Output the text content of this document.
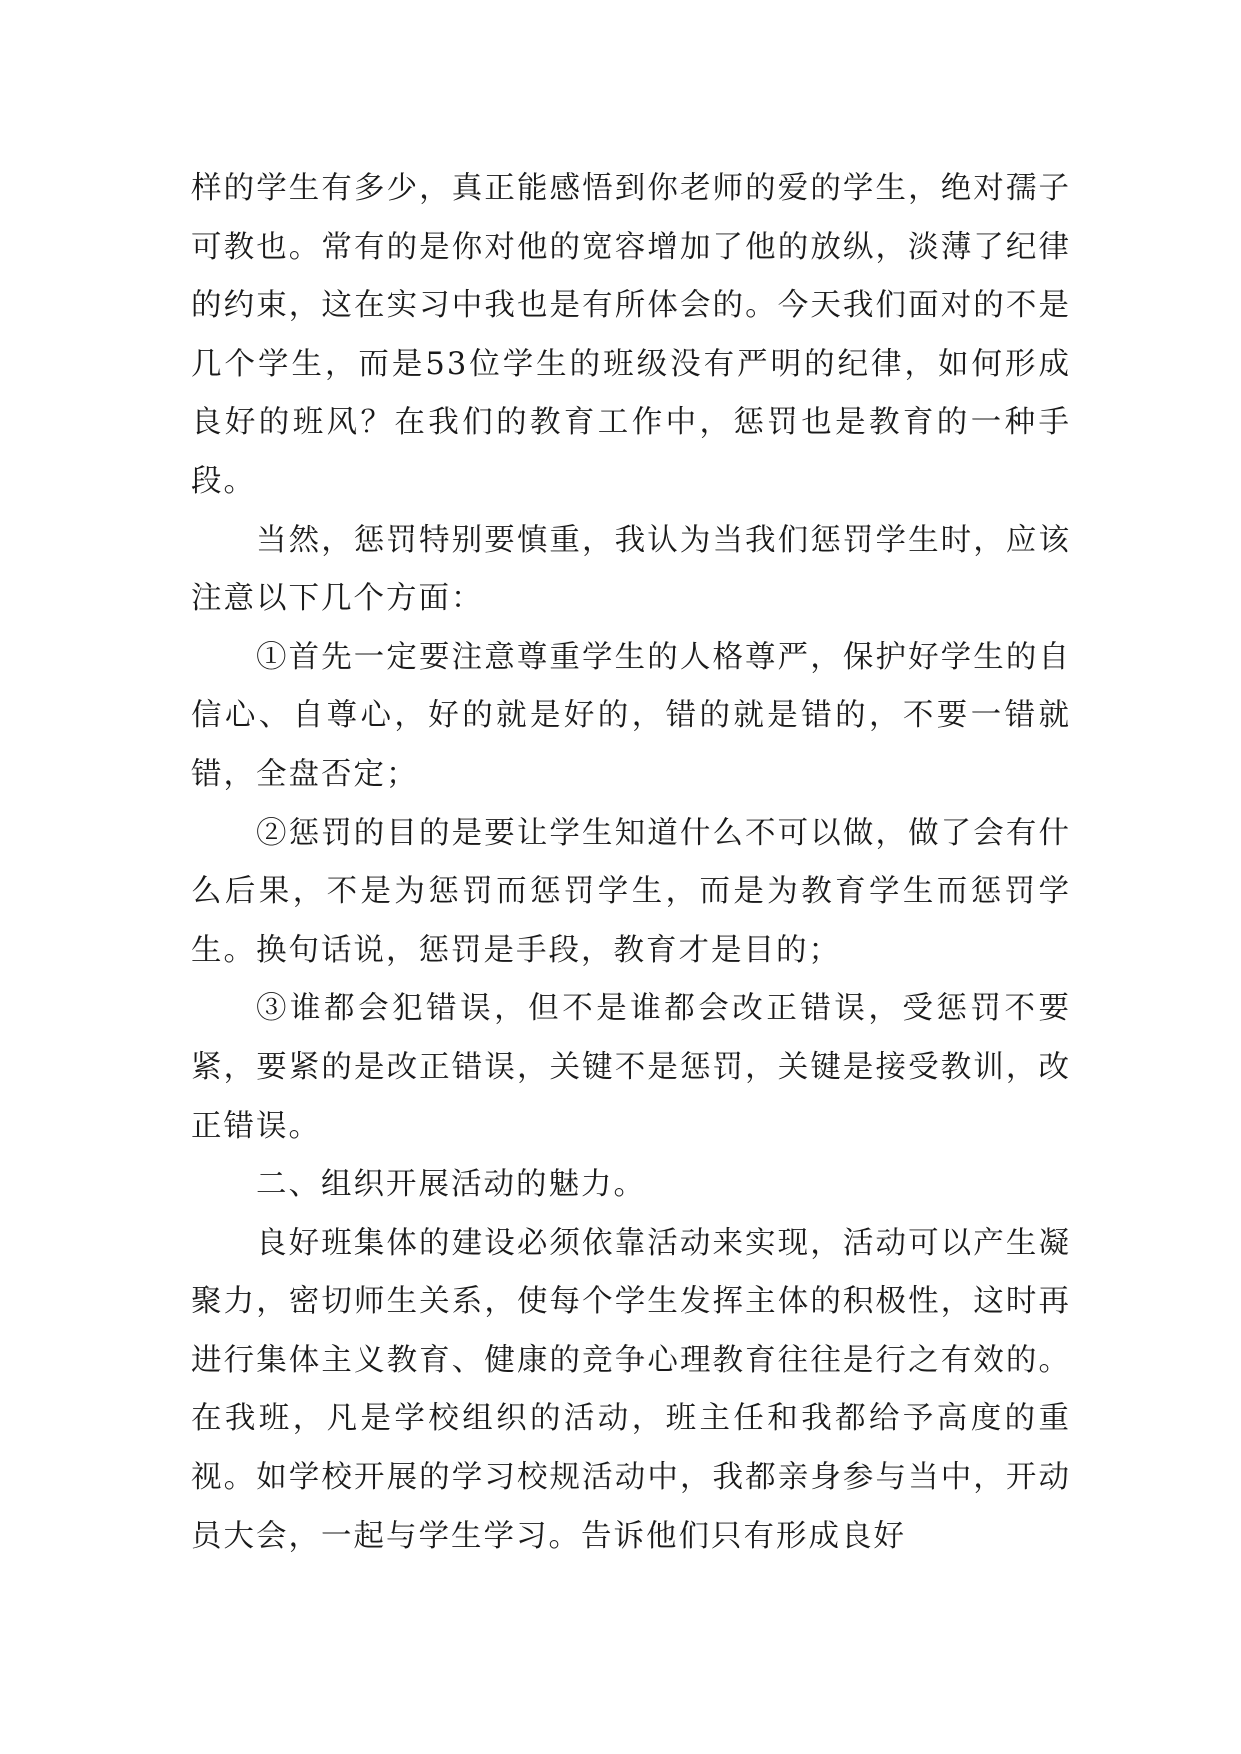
样的学生有多少，真正能感悟到你老师的爱的学生，绝对孺子可教也。常有的是你对他的宽容增加了他的放纵，淡薄了纪律的约束，这在实习中我也是有所体会的。今天我们面对的不是几个学生，而是53位学生的班级没有严明的纪律，如何形成良好的班风？在我们的教育工作中，惩罚也是教育的一种手段。

当然，惩罚特别要慎重，我认为当我们惩罚学生时，应该注意以下几个方面：

①首先一定要注意尊重学生的人格尊严，保护好学生的自信心、自尊心，好的就是好的，错的就是错的，不要一错就错，全盘否定；

②惩罚的目的是要让学生知道什么不可以做，做了会有什么后果，不是为惩罚而惩罚学生，而是为教育学生而惩罚学生。换句话说，惩罚是手段，教育才是目的；

③谁都会犯错误，但不是谁都会改正错误，受惩罚不要紧，要紧的是改正错误，关键不是惩罚，关键是接受教训，改正错误。

二、组织开展活动的魅力。

良好班集体的建设必须依靠活动来实现，活动可以产生凝聚力，密切师生关系，使每个学生发挥主体的积极性，这时再进行集体主义教育、健康的竞争心理教育往往是行之有效的。在我班，凡是学校组织的活动，班主任和我都给予高度的重视。如学校开展的学习校规活动中，我都亲身参与当中，开动员大会，一起与学生学习。告诉他们只有形成良好
